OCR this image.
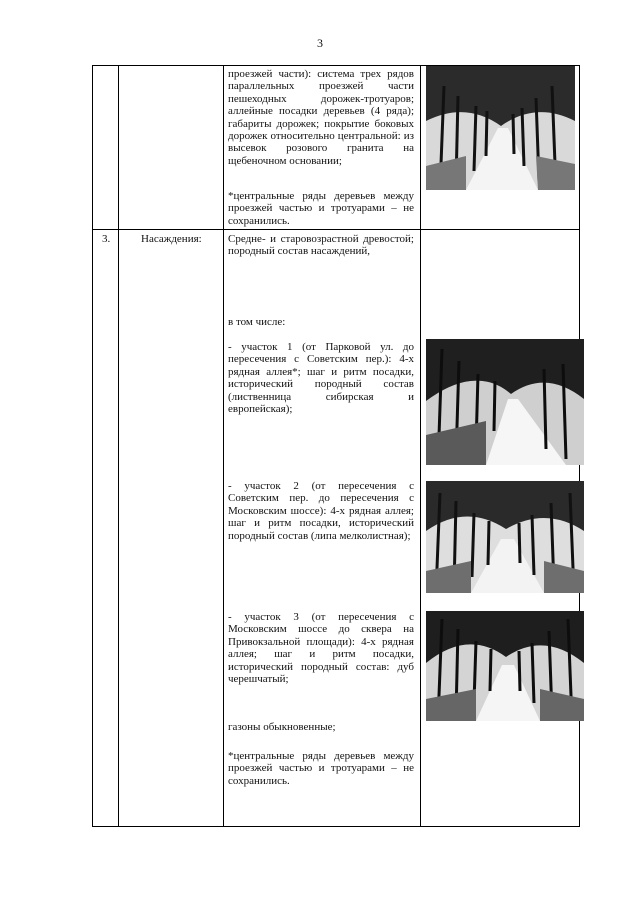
3
проезжей части): система трех рядов параллельных проезжей части пешеходных дорожек-тротуаров; аллейные посадки деревьев (4 ряда); габариты дорожек; покрытие боковых дорожек относительно центральной: из высевок розового гранита на щебеночном основании;
*центральные ряды деревьев между проезжей частью и тротуарами – не сохранились.
3.	Насаждения: Средне- и старовозрастной древостой; породный состав насаждений,
в том числе:
- участок 1 (от Парковой ул. до пересечения с Советским пер.): 4-х рядная аллея*; шаг и ритм посадки, исторический породный состав (лиственница сибирская и европейская);
- участок 2 (от пересечения с Советским пер. до пересечения с Московским шоссе): 4-х рядная аллея; шаг и ритм посадки, исторический породный состав (липа мелколистная);
- участок 3 (от пересечения с Московским шоссе до сквера на Привокзальной площади): 4-х рядная аллея; шаг и ритм посадки, исторический породный состав: дуб черешчатый;
газоны обыкновенные;
*центральные ряды деревьев между проезжей частью и тротуарами – не сохранились.
